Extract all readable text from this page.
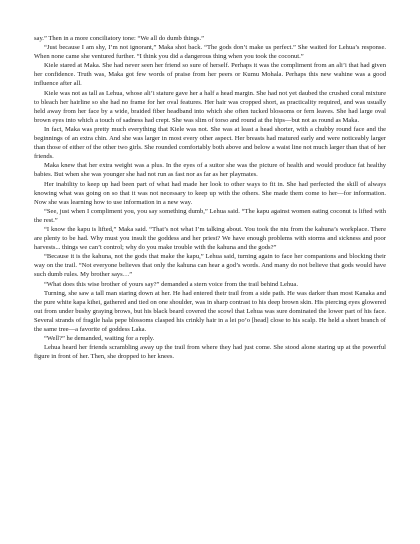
say.” Then in a more conciliatory tone: “We all do dumb things.”

“Just because I am shy, I’m not ignorant,” Maka shot back. “The gods don’t make us perfect.” She waited for Lehua’s response. When none came she ventured further. “I think you did a dangerous thing when you took the coconut.”

Kiele stared at Maka. She had never seen her friend so sure of herself. Perhaps it was the compliment from an ali’i that had given her confidence. Truth was, Maka got few words of praise from her peers or Kumu Mohala. Perhaps this new wahine was a good influence after all.

Kiele was not as tall as Lehua, whose ali’i stature gave her a half a head margin. She had not yet daubed the crushed coral mixture to bleach her hairline so she had no frame for her oval features. Her hair was cropped short, as practicality required, and was usually held away from her face by a wide, braided fiber headband into which she often tucked blossoms or fern leaves. She had large oval brown eyes into which a touch of sadness had crept. She was slim of torso and round at the hips—but not as round as Maka.

In fact, Maka was pretty much everything that Kiele was not. She was at least a head shorter, with a chubby round face and the beginnings of an extra chin. And she was larger in most every other aspect. Her breasts had matured early and were noticeably larger than those of either of the other two girls. She rounded comfortably both above and below a waist line not much larger than that of her friends.

Maka knew that her extra weight was a plus. In the eyes of a suitor she was the picture of health and would produce fat healthy babies. But when she was younger she had not run as fast nor as far as her playmates.

Her inability to keep up had been part of what had made her look to other ways to fit in. She had perfected the skill of always knowing what was going on so that it was not necessary to keep up with the others. She made them come to her—for information. Now she was learning how to use information in a new way.

“See, just when I compliment you, you say something dumb,” Lehua said. “The kapu against women eating coconut is lifted with the rest.”

“I know the kapu is lifted,” Maka said. “That’s not what I’m talking about. You took the niu from the kahuna’s workplace. There are plenty to be had. Why must you insult the goddess and her priest? We have enough problems with storms and sickness and poor harvests... things we can’t control; why do you make trouble with the kahuna and the gods?”

“Because it is the kahuna, not the gods that make the kapu,” Lehua said, turning again to face her companions and blocking their way on the trail. “Not everyone believes that only the kahuna can hear a god’s words. And many do not believe that gods would have such dumb rules. My brother says…”

“What does this wise brother of yours say?” demanded a stern voice from the trail behind Lehua.

Turning, she saw a tall man staring down at her. He had entered their trail from a side path. He was darker than most Kanaka and the pure white kapa kihei, gathered and tied on one shoulder, was in sharp contrast to his deep brown skin. His piercing eyes glowered out from under bushy graying brows, but his black beard covered the scowl that Lehua was sure dominated the lower part of his face. Several strands of fragile hala pepe blossoms clasped his crinkly hair in a lei po’o [head] close to his scalp. He held a short branch of the same tree—a favorite of goddess Laka.

“Well?” he demanded, waiting for a reply.

Lehua heard her friends scrambling away up the trail from where they had just come. She stood alone staring up at the powerful figure in front of her. Then, she dropped to her knees.
